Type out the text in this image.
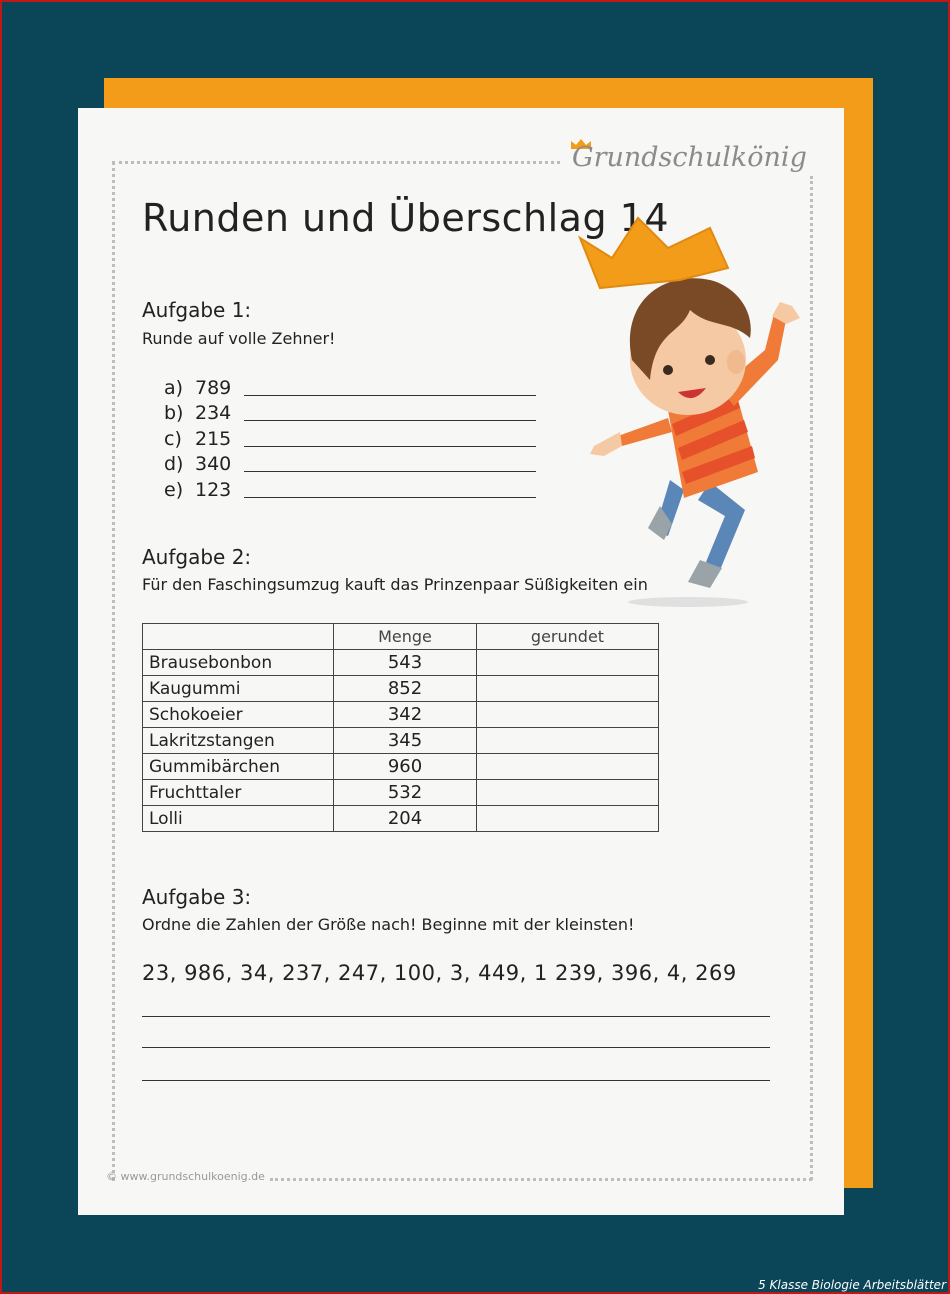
Grundschulkönig
Runden und Überschlag 14
Aufgabe 1:
Runde auf volle Zehner!
a) 789
b) 234
c) 215
d) 340
e) 123
Aufgabe 2:
Für den Faschingsumzug kauft das Prinzenpaar Süßigkeiten ein
	Menge	gerundet
Brausebonbon	543	
Kaugummi	852	
Schokoeier	342	
Lakritzstangen	345	
Gummibärchen	960	
Fruchttaler	532	
Lolli	204	
Aufgabe 3:
Ordne die Zahlen der Größe nach! Beginne mit der kleinsten!
23, 986, 34, 237, 247, 100, 3, 449, 1 239, 396, 4, 269
© www.grundschulkoenig.de
5 Klasse Biologie Arbeitsblätter
